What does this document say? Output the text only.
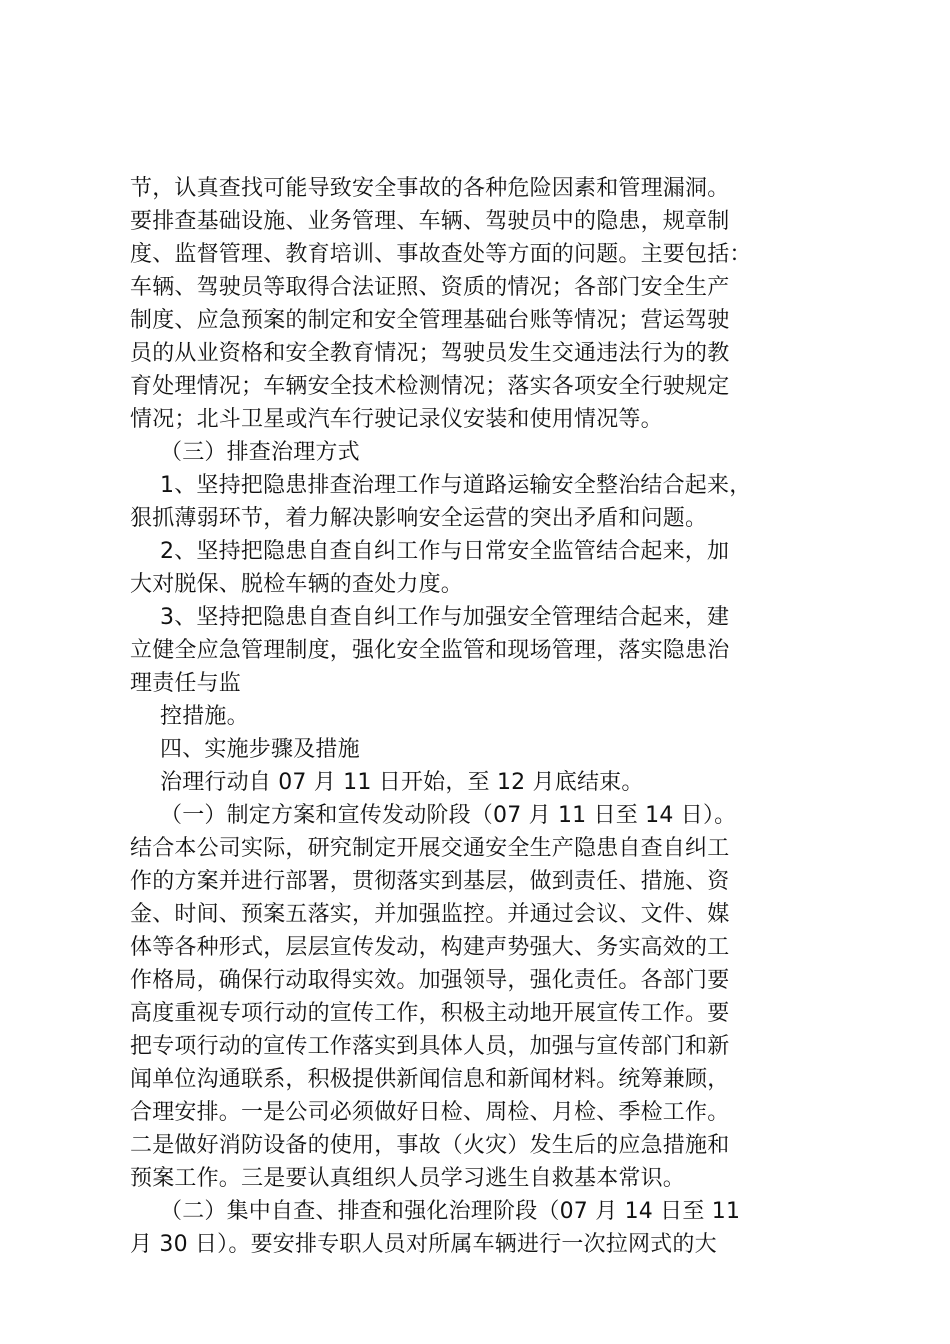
节，认真查找可能导致安全事故的各种危险因素和管理漏洞。
要排查基础设施、业务管理、车辆、驾驶员中的隐患，规章制
度、监督管理、教育培训、事故查处等方面的问题。主要包括：
车辆、驾驶员等取得合法证照、资质的情况；各部门安全生产
制度、应急预案的制定和安全管理基础台账等情况；营运驾驶
员的从业资格和安全教育情况；驾驶员发生交通违法行为的教
育处理情况；车辆安全技术检测情况；落实各项安全行驶规定
情况；北斗卫星或汽车行驶记录仪安装和使用情况等。
（三）排查治理方式
1、坚持把隐患排查治理工作与道路运输安全整治结合起来，
狠抓薄弱环节，着力解决影响安全运营的突出矛盾和问题。
2、坚持把隐患自查自纠工作与日常安全监管结合起来，加
大对脱保、脱检车辆的查处力度。
3、坚持把隐患自查自纠工作与加强安全管理结合起来，建
立健全应急管理制度，强化安全监管和现场管理，落实隐患治
理责任与监
控措施。
四、实施步骤及措施
治理行动自 07 月 11 日开始，至 12 月底结束。
（一）制定方案和宣传发动阶段（07 月 11 日至 14 日）。
结合本公司实际，研究制定开展交通安全生产隐患自查自纠工
作的方案并进行部署，贯彻落实到基层，做到责任、措施、资
金、时间、预案五落实，并加强监控。并通过会议、文件、媒
体等各种形式，层层宣传发动，构建声势强大、务实高效的工
作格局，确保行动取得实效。加强领导，强化责任。各部门要
高度重视专项行动的宣传工作，积极主动地开展宣传工作。要
把专项行动的宣传工作落实到具体人员，加强与宣传部门和新
闻单位沟通联系，积极提供新闻信息和新闻材料。统筹兼顾，
合理安排。一是公司必须做好日检、周检、月检、季检工作。
二是做好消防设备的使用，事故（火灾）发生后的应急措施和
预案工作。三是要认真组织人员学习逃生自救基本常识。
（二）集中自查、排查和强化治理阶段（07 月 14 日至 11
月 30 日）。要安排专职人员对所属车辆进行一次拉网式的大
